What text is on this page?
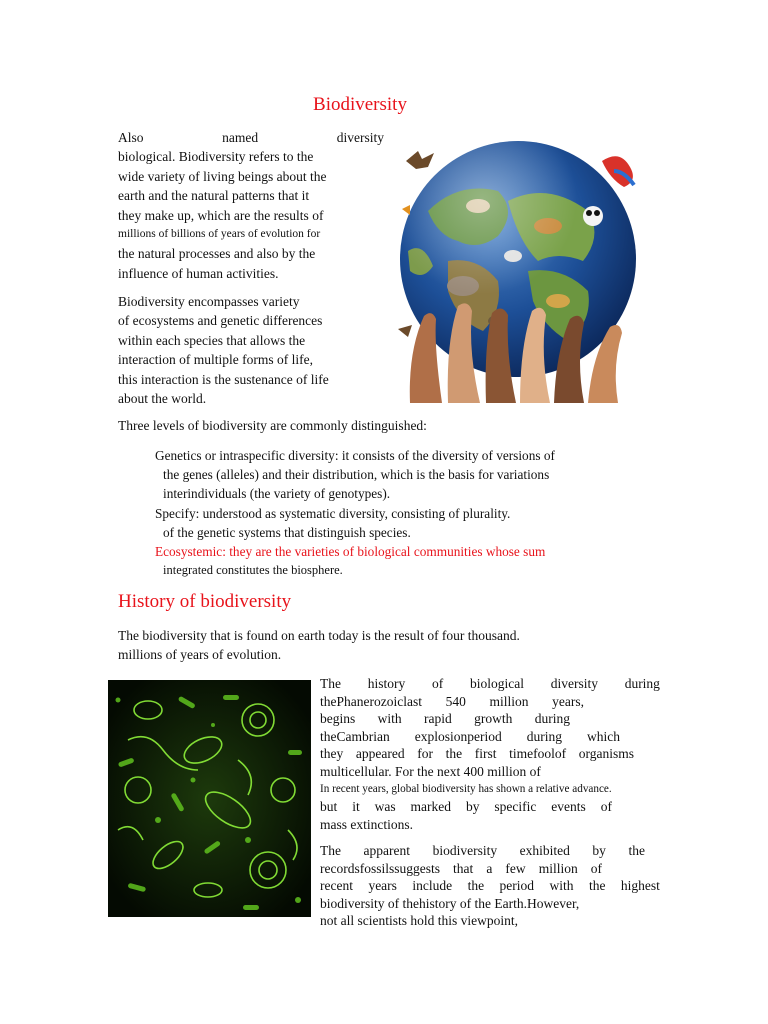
Biodiversity
Also	named	diversity
biological. Biodiversity refers to the
wide variety of living beings about the
earth and the natural patterns that it
they make up, which are the results of
millions of billions of years of evolution for
the natural processes and also by the
influence of human activities.
Biodiversity encompasses variety
of ecosystems and genetic differences
within each species that allows the
interaction of multiple forms of life,
this interaction is the sustenance of life
about the world.
Three levels of biodiversity are commonly distinguished:
Genetics or intraspecific diversity: it consists of the diversity of versions of
the genes (alleles) and their distribution, which is the basis for variations
interindividuals (the variety of genotypes).
Specify: understood as systematic diversity, consisting of plurality.
of the genetic systems that distinguish species.
Ecosystemic: they are the varieties of biological communities whose sum
integrated constitutes the biosphere.
History of biodiversity
The biodiversity that is found on earth today is the result of four thousand.
millions of years of evolution.
The history of biological diversity during
thePhanerozoiclast 540 million years,
begins with rapid growth during
theCambrian explosionperiod during which
they appeared for the first timefoolof organisms
multicellular. For the next 400 million of
In recent years, global biodiversity has shown a relative advance.
but it was marked by specific events of
mass extinctions.
The apparent biodiversity exhibited by the
recordsfossilssuggests that a few million of
recent years include the period with the highest
biodiversity of thehistory of the Earth.However,
not all scientists hold this viewpoint,
